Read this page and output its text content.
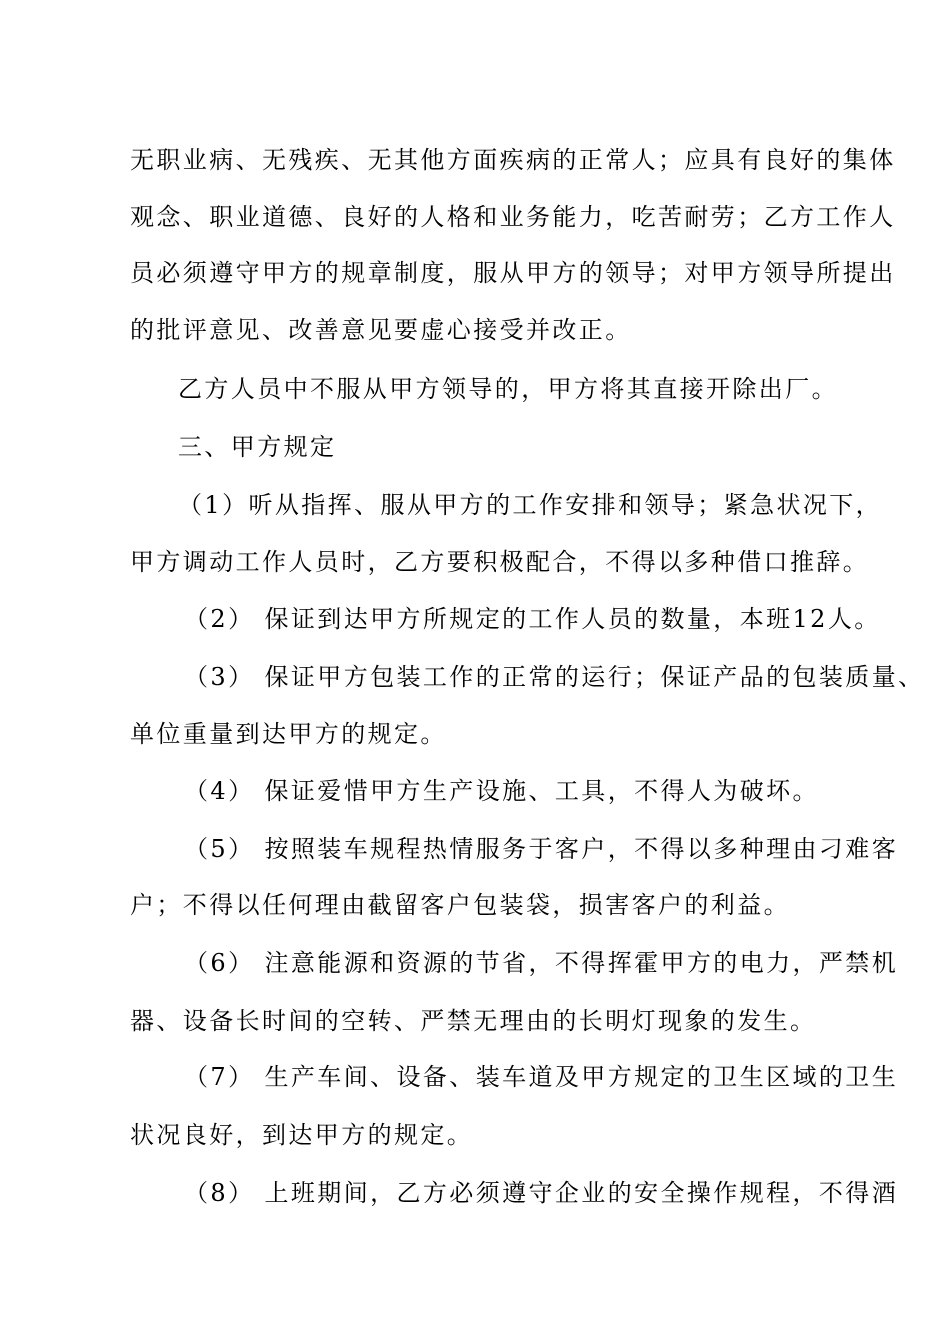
无职业病、无残疾、无其他方面疾病的正常人；应具有良好的集体
观念、职业道德、良好的人格和业务能力，吃苦耐劳；乙方工作人
员必须遵守甲方的规章制度，服从甲方的领导；对甲方领导所提出
的批评意见、改善意见要虚心接受并改正。
乙方人员中不服从甲方领导的，甲方将其直接开除出厂。
三、甲方规定
（1）听从指挥、服从甲方的工作安排和领导；紧急状况下，
甲方调动工作人员时，乙方要积极配合，不得以多种借口推辞。
（2） 保证到达甲方所规定的工作人员的数量，本班12人。
（3） 保证甲方包装工作的正常的运行；保证产品的包装质量、
单位重量到达甲方的规定。
（4） 保证爱惜甲方生产设施、工具，不得人为破坏。
（5） 按照装车规程热情服务于客户，不得以多种理由刁难客
户；不得以任何理由截留客户包装袋，损害客户的利益。
（6） 注意能源和资源的节省，不得挥霍甲方的电力，严禁机
器、设备长时间的空转、严禁无理由的长明灯现象的发生。
（7） 生产车间、设备、装车道及甲方规定的卫生区域的卫生
状况良好，到达甲方的规定。
（8） 上班期间，乙方必须遵守企业的安全操作规程，不得酒
